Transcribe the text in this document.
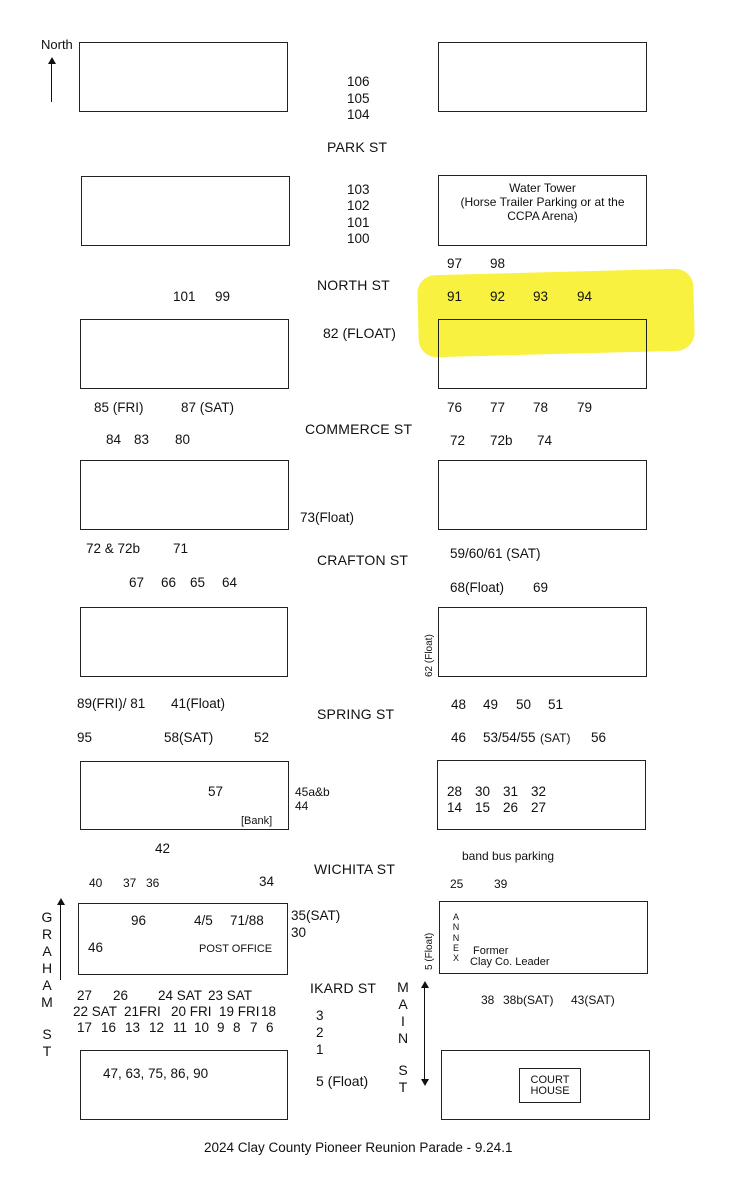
North
Water Tower
(Horse Trailer Parking or at the
CCPA Arena)
106
105
104
PARK ST
103
102
101
100
NORTH ST
82 (FLOAT)
COMMERCE ST
73(Float)
CRAFTON ST
62 (Float)
SPRING ST
45a&b
44
WICHITA ST
35(SAT)
30
IKARD ST
5 (Float)
3
2
1
5 (Float)
101 99
85 (FRI)	87 (SAT)
84 83 80
72 & 72b 71
67 66 65 64
89(FRI)/ 81 41(Float)
95	58(SAT)	52
57
[Bank]
42
40 37 36	34
96	4/5 71/88
46	POST OFFICE
27 26 24 SAT 23 SAT
22 SAT 21FRI 20 FRI 19 FRI 18
17 16 13 12 11 10 9 8 7 6
47, 63, 75, 86, 90
G
R
A
H
A
M
S
T
M
A
I
N
S
T
97 98
91 92 93 94
76 77 78 79
72 72b 74
59/60/61 (SAT)
68(Float) 69
48 49 50 51
46 53/54/55 (SAT) 56
28 30 31 32
14 15 26 27
band bus parking
25	39
A
N
N
E
X
Former
Clay Co. Leader
38 38b(SAT) 43(SAT)
COURT
HOUSE
2024 Clay County Pioneer Reunion Parade - 9.24.1
